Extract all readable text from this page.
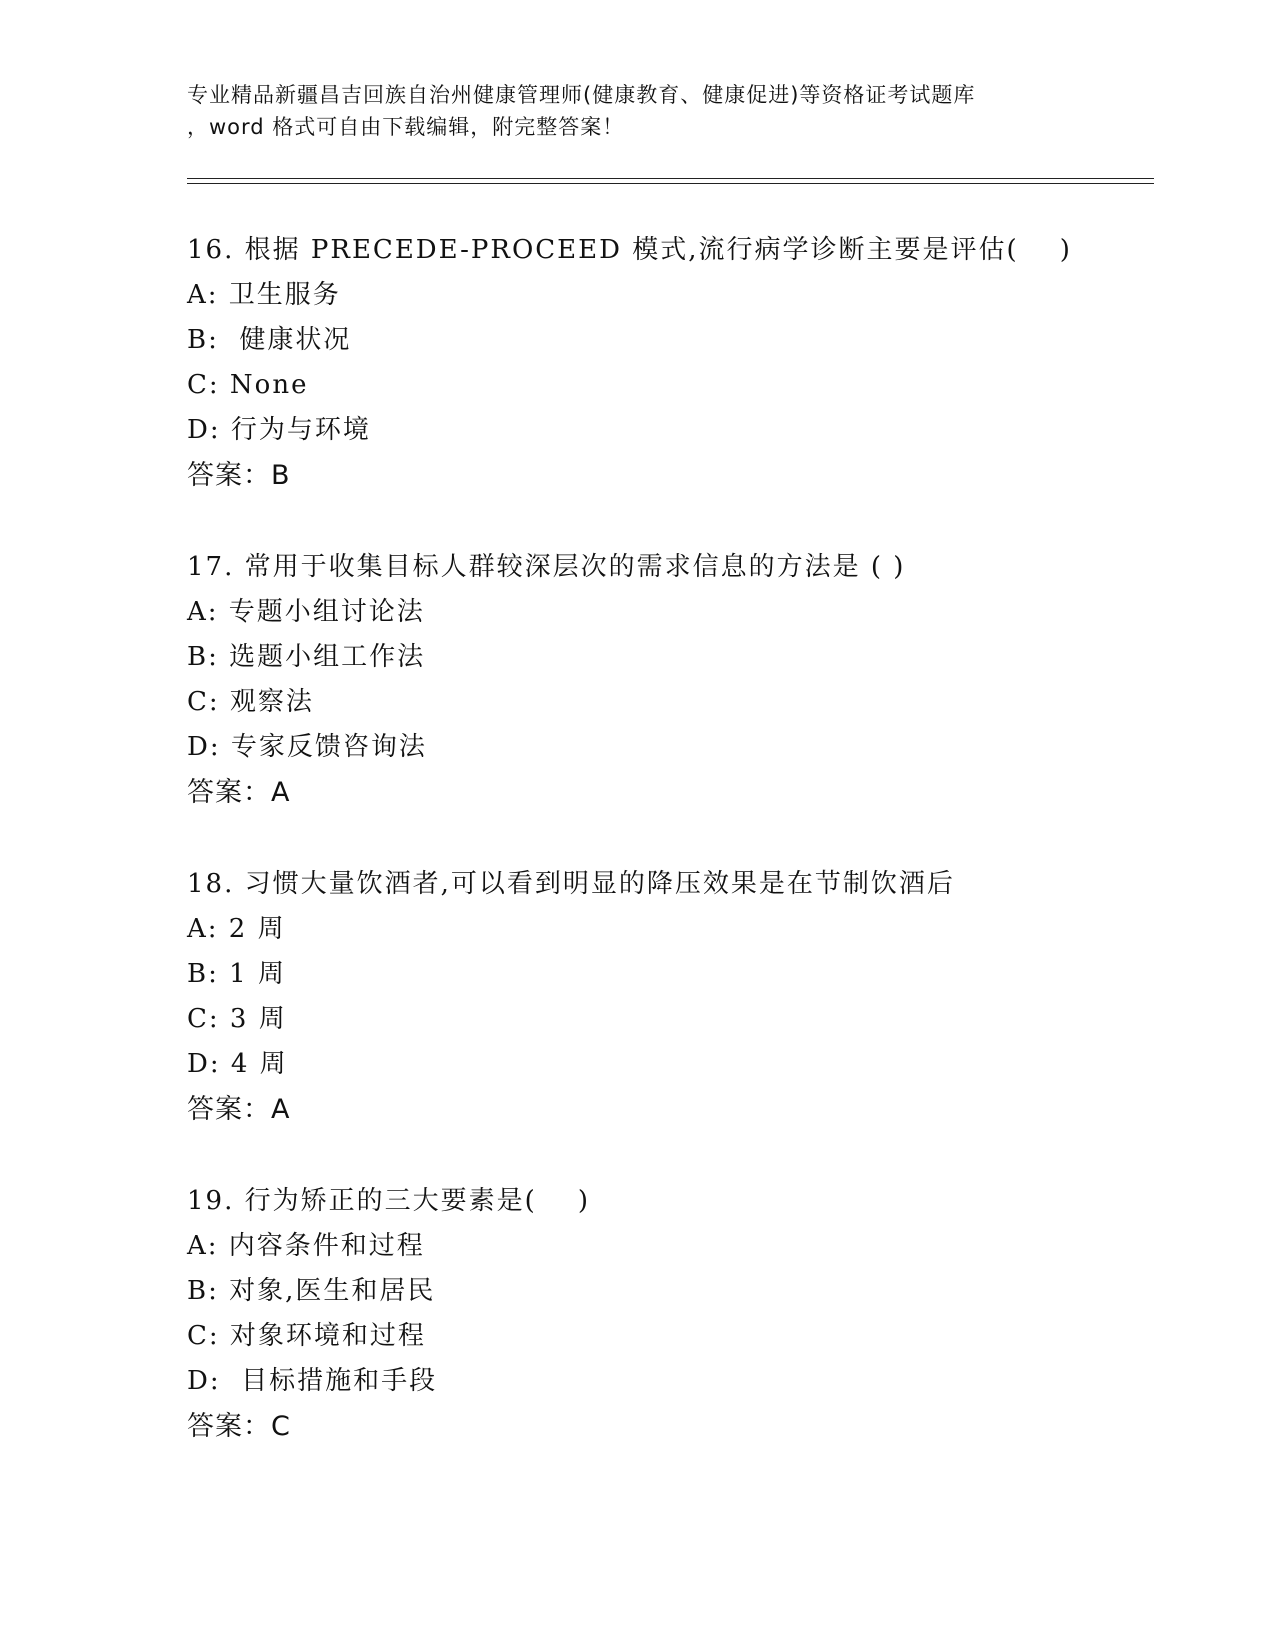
专业精品新疆昌吉回族自治州健康管理师(健康教育、健康促进)等资格证考试题库
，word 格式可自由下载编辑，附完整答案！
16. 根据 PRECEDE-PROCEED 模式,流行病学诊断主要是评估(    )
A: 卫生服务
B:  健康状况
C: None
D: 行为与环境
答案：B
17. 常用于收集目标人群较深层次的需求信息的方法是 ( )
A: 专题小组讨论法
B: 选题小组工作法
C: 观察法
D: 专家反馈咨询法
答案：A
18. 习惯大量饮酒者,可以看到明显的降压效果是在节制饮酒后
A: 2 周
B: 1 周
C: 3 周
D: 4 周
答案：A
19. 行为矫正的三大要素是(    )
A: 内容条件和过程
B: 对象,医生和居民
C: 对象环境和过程
D:  目标措施和手段
答案：C
